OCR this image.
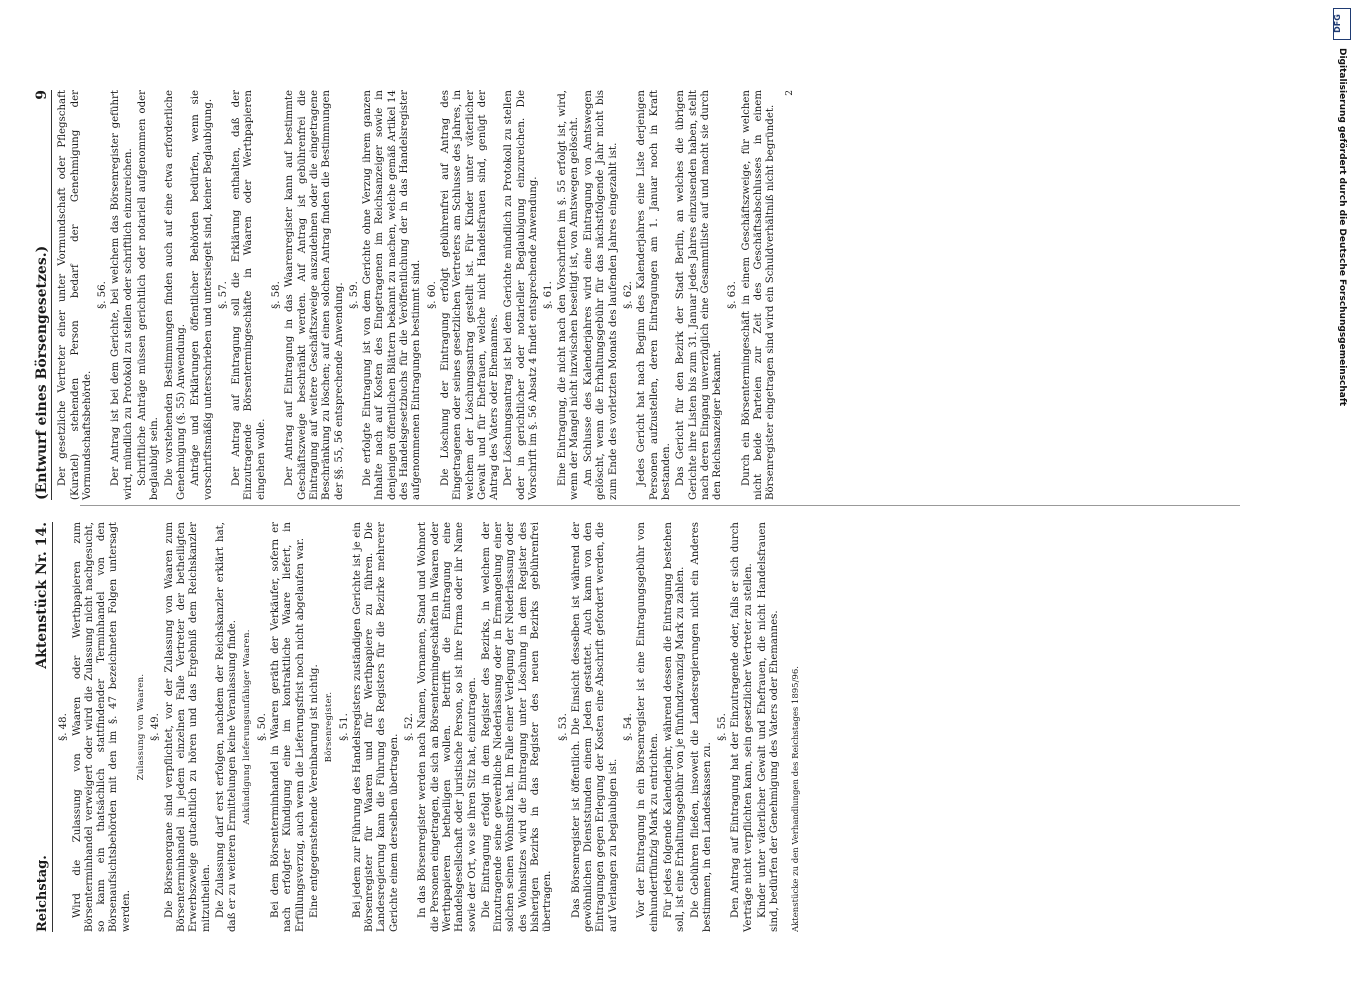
Reichstag.
Aktenstück Nr. 14.
§. 48. Wird die Zulassung von Waaren oder Werthpapieren zum Börsenterminhandel verweigert oder wird die Zulassung nicht nachgesucht, so kann ein thatsächlich stattfindender Terminhandel von den Börsenaufsichtsbehörden mit den im §. 47 bezeichneten Folgen untersagt werden.

Zulassung von Waaren. §. 49. Die Börsenorgane sind verpflichtet, vor der Zulassung von Waaren zum Börsenterminhandel in jedem einzelnen Falle Vertreter der betheiligten Erwerbszweige gutachtlich zu hören und das Ergebniß dem Reichskanzler mitzutheilen. Die Zulassung darf erst erfolgen, nachdem der Reichskanzler erklärt hat, daß er zu weiteren Ermittelungen keine Veranlassung finde. Ankündigung lieferungsunfähiger Waaren. §. 50. Bei dem Börsenterminhandel in Waaren geräth der Verkäufer, sofern er nach erfolgter Kündigung eine im kontraktliche Waare liefert, in Erfüllungsverzug, auch wenn die Lieferungsfrist noch nicht abgelaufen war. Eine entgegenstehende Vereinbarung ist nichtig. Börsenregister. §. 51. Bei jedem zur Führung des Handelsregisters zuständigen Gerichte ist je ein Börsenregister für Waaren und für Werthpapiere zu führen. Die Landesregierung kann die Führung des Registers für die Bezirke mehrerer Gerichte einem derselben übertragen.

§. 52. In das Börsenregister werden nach Namen, Vornamen, Stand und Wohnort die Personen eingetragen, die sich an Börsentermingeschäften in Waaren oder Werthpapieren betheiligen wollen. Betrifft die Eintragung eine Handelsgesellschaft oder juristische Person, so ist ihre Firma oder ihr Name sowie der Ort, wo sie ihren Sitz hat, einzutragen. Die Eintragung erfolgt in dem Register des Bezirks, in welchem der Einzutragende seine gewerbliche Niederlassung oder in Ermangelung einer solchen seinen Wohnsitz hat. Im Falle einer Verlegung der Niederlassung oder des Wohnsitzes wird die Eintragung unter Löschung in dem Register des bisherigen Bezirks in das Register des neuen Bezirks gebührenfrei übertragen.

§. 53. Das Börsenregister ist öffentlich. Die Einsicht desselben ist während der gewöhnlichen Dienststunden einem Jeden gestattet. Auch kann von den Eintragungen gegen Erlegung der Kosten eine Abschrift gefordert werden, die auf Verlangen zu beglaubigen ist.

§. 54. Vor der Eintragung in ein Börsenregister ist eine Eintragungsgebühr von einhundertfünfzig Mark zu entrichten. Für jedes folgende Kalenderjahr, während dessen die Eintragung bestehen soll, ist eine Erhaltungsgebühr von je fünfundzwanzig Mark zu zahlen. Die Gebühren fließen, insoweit die Landesregierungen nicht ein Anderes bestimmen, in den Landeskassen zu.

§. 55. Den Antrag auf Eintragung hat der Einzutragende oder, falls er sich durch Verträge nicht verpflichten kann, sein gesetzlicher Vertreter zu stellen. Kinder unter väterlicher Gewalt und Ehefrauen, die nicht Handelsfrauen sind, bedürfen der Genehmigung des Vaters oder Ehemannes. Aktenstücke zu den Verhandlungen des Reichstages 1895/96.
(Entwurf eines Börsengesetzes.)
9 Der gesetzliche Vertreter einer unter Vormundschaft oder Pflegschaft (Kuratel) stehenden Person bedarf der Genehmigung der Vormundschaftsbehörde.

§. 56. Der Antrag ist bei dem Gerichte, bei welchem das Börsenregister geführt wird, mündlich zu Protokoll zu stellen oder schriftlich einzureichen. Schriftliche Anträge müssen gerichtlich oder notariell aufgenommen oder beglaubigt sein. Die vorstehenden Bestimmungen finden auch auf eine etwa erforderliche Genehmigung (§. 55) Anwendung. Anträge und Erklärungen öffentlicher Behörden bedürfen, wenn sie vorschriftsmäßig unterschrieben und untersiegelt sind, keiner Beglaubigung. §. 57. Der Antrag auf Eintragung soll die Erklärung enthalten, daß der Einzutragende Börsentermingeschäfte in Waaren oder Werthpapieren eingehen wolle.

§. 58. Der Antrag auf Eintragung in das Waarenregister kann auf bestimmte Geschäftszweige beschränkt werden. Auf Antrag ist gebührenfrei die Eintragung auf weitere Geschäftszweige auszudehnen oder die eingetragene Beschränkung zu löschen; auf einen solchen Antrag finden die Bestimmungen der §§. 55, 56 entsprechende Anwendung. §. 59. Die erfolgte Eintragung ist von dem Gerichte ohne Verzug ihrem ganzen Inhalte nach auf Kosten des Eingetragenen im Reichsanzeiger sowie in denjenigen öffentlichen Blättern bekannt zu machen, welche gemäß Artikel 14 des Handelsgesetzbuchs für die Veröffentlichung der in das Handelsregister aufgenommenen Eintragungen bestimmt sind. §. 60. Die Löschung der Eintragung erfolgt gebührenfrei auf Antrag des Eingetragenen oder seines gesetzlichen Vertreters am Schlusse des Jahres, in welchem der Löschungsantrag gestellt ist. Für Kinder unter väterlicher Gewalt und für Ehefrauen, welche nicht Handelsfrauen sind, genügt der Antrag des Vaters oder Ehemannes. Der Löschungsantrag ist bei dem Gerichte mündlich zu Protokoll zu stellen oder in gerichtlicher oder notarieller Beglaubigung einzureichen. Die Vorschrift im §. 56 Absatz 4 findet entsprechende Anwendung. §. 61. Eine Eintragung, die nicht nach den Vorschriften im §. 55 erfolgt ist, wird, wenn der Mangel nicht inzwischen beseitigt ist, von Amtswegen gelöscht. Am Schlusse des Kalenderjahres wird eine Eintragung von Amtswegen gelöscht, wenn die Erhaltungsgebühr für das nächstfolgende Jahr nicht bis zum Ende des vorletzten Monats des laufenden Jahres eingezahlt ist. §. 62. Jedes Gericht hat nach Beginn des Kalenderjahres eine Liste derjenigen Personen aufzustellen, deren Eintragungen am 1. Januar noch in Kraft bestanden. Das Gericht für den Bezirk der Stadt Berlin, an welches die übrigen Gerichte ihre Listen bis zum 31. Januar jedes Jahres einzusenden haben, stellt nach deren Eingang unverzüglich eine Gesammtliste auf und macht sie durch den Reichsanzeiger bekannt.

§. 63. Durch ein Börsentermingeschäft in einem Geschäftszweige, für welchen nicht beide Parteien zur Zeit des Geschäftsabschlusses in einem Börsenregister eingetragen sind wird ein Schuldverhältniß nicht begründet.

2
DFG
Digitalisierung gefördert durch die Deutsche Forschungsgemeinschaft
